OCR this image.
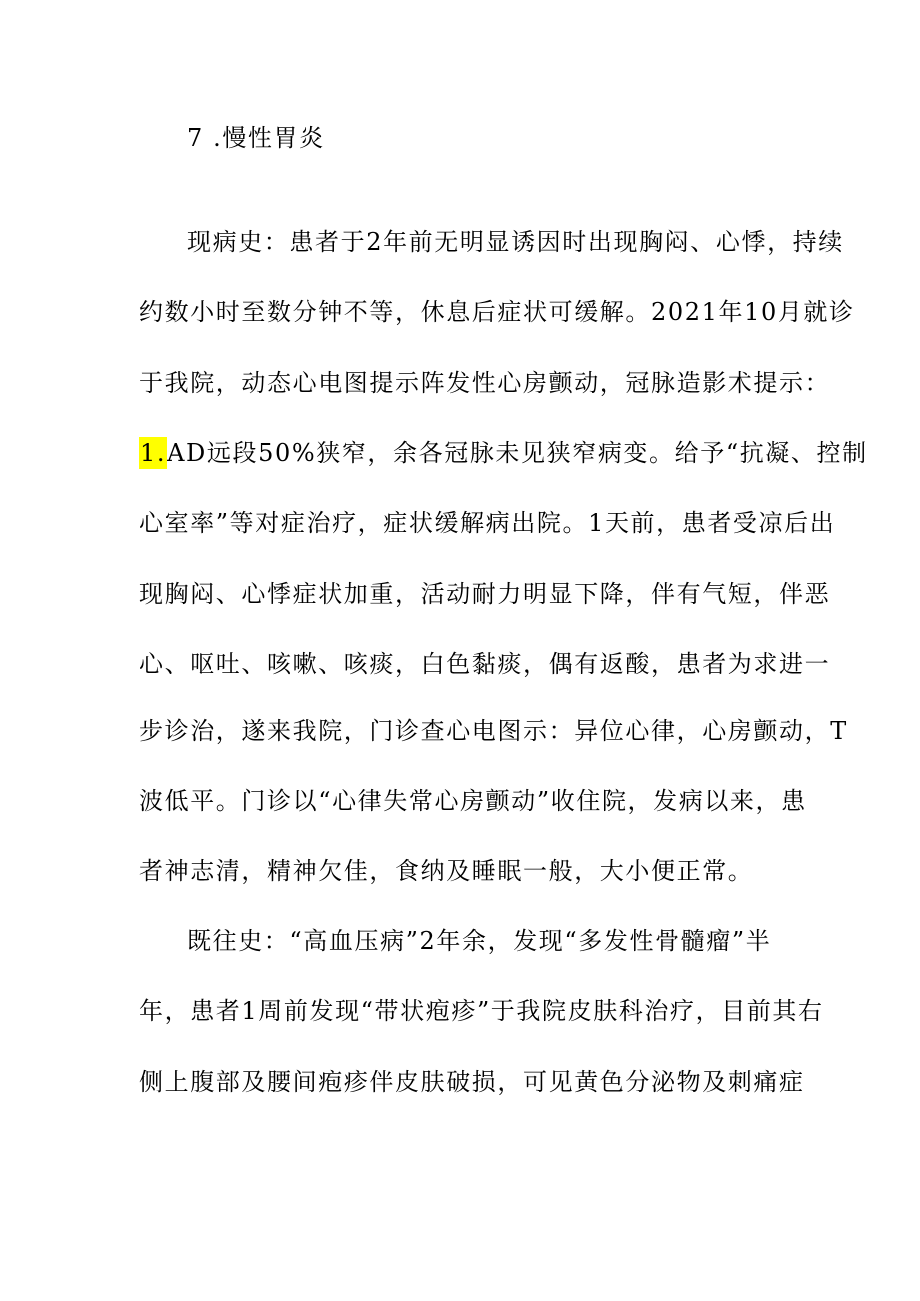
7 .慢性胃炎
现病史：患者于2年前无明显诱因时出现胸闷、心悸，持续
约数小时至数分钟不等，休息后症状可缓解。2021年10月就诊
于我院，动态心电图提示阵发性心房颤动，冠脉造影术提示：
1.AD远段50%狭窄，余各冠脉未见狭窄病变。给予“抗凝、控制
心室率”等对症治疗，症状缓解病出院。1天前，患者受凉后出
现胸闷、心悸症状加重，活动耐力明显下降，伴有气短，伴恶
心、呕吐、咳嗽、咳痰，白色黏痰，偶有返酸，患者为求进一
步诊治，遂来我院，门诊查心电图示：异位心律，心房颤动，T
波低平。门诊以“心律失常心房颤动”收住院，发病以来，患
者神志清，精神欠佳，食纳及睡眠一般，大小便正常。
既往史：“高血压病”2年余，发现“多发性骨髓瘤”半
年，患者1周前发现“带状疱疹”于我院皮肤科治疗，目前其右
侧上腹部及腰间疱疹伴皮肤破损，可见黄色分泌物及刺痛症
